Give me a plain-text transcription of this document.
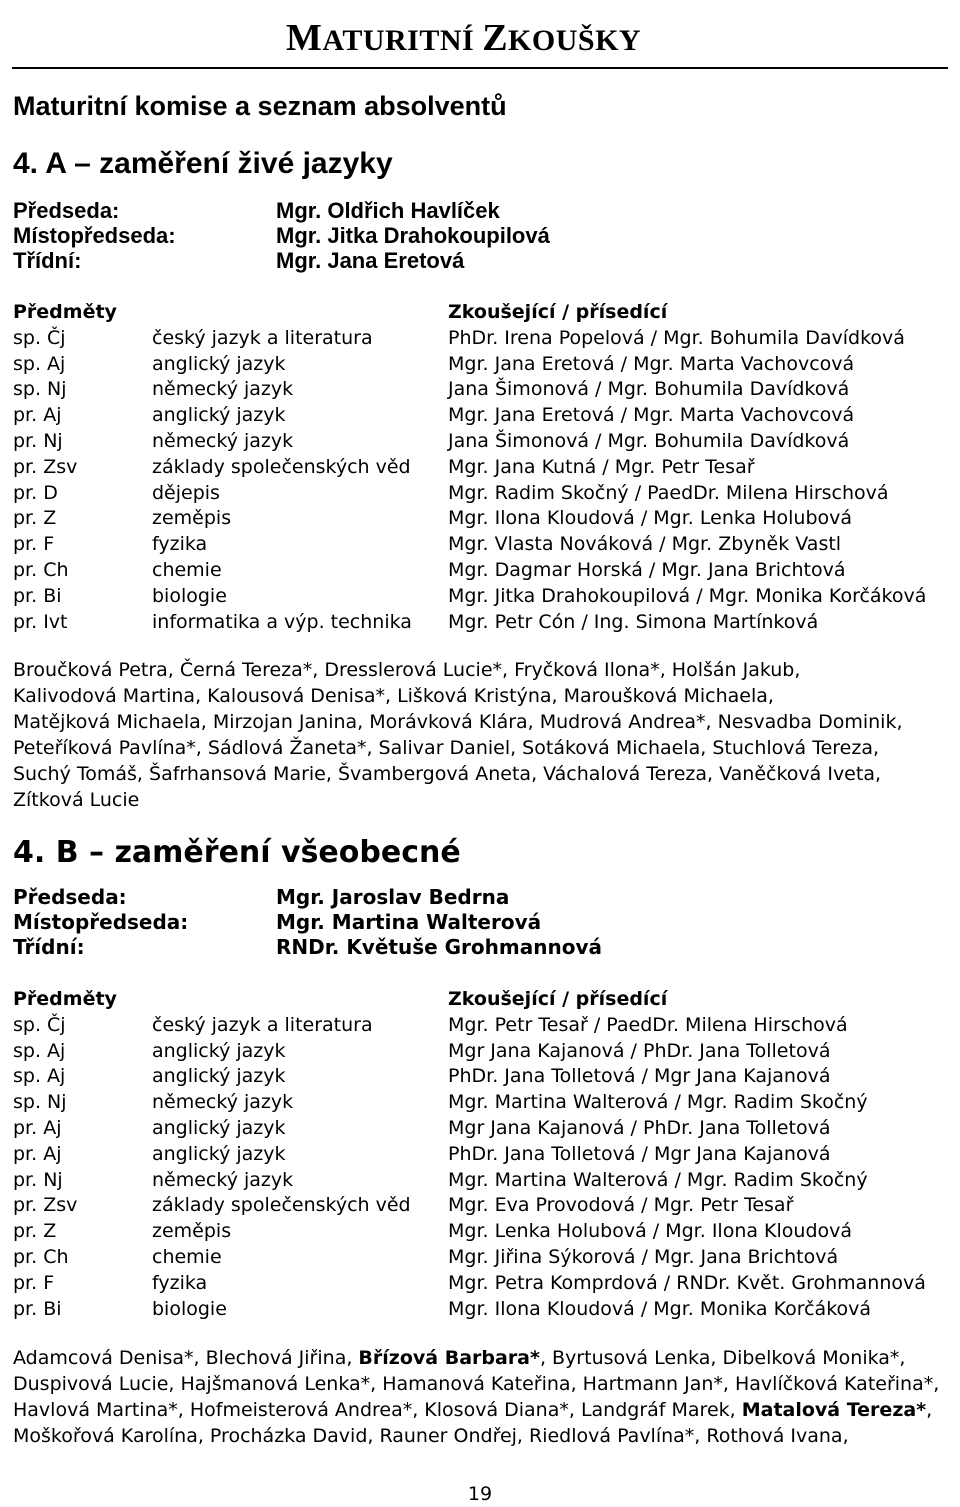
MATURITNÍ ZKOUŠKY
Maturitní komise a seznam absolventů
4. A – zaměření živé jazyky
Předseda:	Mgr. Oldřich Havlíček
Místopředseda:	Mgr. Jitka Drahokoupilová
Třídní:	Mgr. Jana Eretová
Předměty	Zkoušející / přísedící
sp. Čj	český jazyk a literatura	PhDr. Irena Popelová / Mgr. Bohumila Davídková
sp. Aj	anglický jazyk	Mgr. Jana Eretová / Mgr. Marta Vachovcová
sp. Nj	německý jazyk	Jana Šimonová / Mgr. Bohumila Davídková
pr. Aj	anglický jazyk	Mgr. Jana Eretová / Mgr. Marta Vachovcová
pr. Nj	německý jazyk	Jana Šimonová / Mgr. Bohumila Davídková
pr. Zsv	základy společenských věd Mgr. Jana Kutná / Mgr. Petr Tesař
pr. D	dějepis	Mgr. Radim Skočný / PaedDr. Milena Hirschová
pr. Z	zeměpis	Mgr. Ilona Kloudová / Mgr. Lenka Holubová
pr. F	fyzika	Mgr. Vlasta Nováková / Mgr. Zbyněk Vastl
pr. Ch	chemie	Mgr. Dagmar Horská / Mgr. Jana Brichtová
pr. Bi	biologie	Mgr. Jitka Drahokoupilová / Mgr. Monika Korčáková
pr. Ivt	informatika a výp. technika Mgr. Petr Cón / Ing. Simona Martínková
Broučková Petra, Černá Tereza*, Dresslerová Lucie*, Fryčková Ilona*, Holšán Jakub,
Kalivodová Martina, Kalousová Denisa*, Lišková Kristýna, Maroušková Michaela,
Matějková Michaela, Mirzojan Janina, Morávková Klára, Mudrová Andrea*, Nesvadba Dominik,
Peteříková Pavlína*, Sádlová Žaneta*, Salivar Daniel, Sotáková Michaela, Stuchlová Tereza,
Suchý Tomáš, Šafrhansová Marie, Švambergová Aneta, Váchalová Tereza, Vaněčková Iveta,
Zítková Lucie
4. B – zaměření všeobecné
Předseda:	Mgr. Jaroslav Bedrna
Místopředseda:	Mgr. Martina Walterová
Třídní:	RNDr. Květuše Grohmannová
Předměty	Zkoušející / přísedící
sp. Čj	český jazyk a literatura	Mgr. Petr Tesař / PaedDr. Milena Hirschová
sp. Aj	anglický jazyk	Mgr Jana Kajanová / PhDr. Jana Tolletová
sp. Aj	anglický jazyk	PhDr. Jana Tolletová / Mgr Jana Kajanová
sp. Nj	německý jazyk	Mgr. Martina Walterová / Mgr. Radim Skočný
pr. Aj	anglický jazyk	Mgr Jana Kajanová / PhDr. Jana Tolletová
pr. Aj	anglický jazyk	PhDr. Jana Tolletová / Mgr Jana Kajanová
pr. Nj	německý jazyk	Mgr. Martina Walterová / Mgr. Radim Skočný
pr. Zsv	základy společenských věd Mgr. Eva Provodová / Mgr. Petr Tesař
pr. Z	zeměpis	Mgr. Lenka Holubová / Mgr. Ilona Kloudová
pr. Ch	chemie	Mgr. Jiřina Sýkorová / Mgr. Jana Brichtová
pr. F	fyzika	Mgr. Petra Komprdová / RNDr. Květ. Grohmannová
pr. Bi	biologie	Mgr. Ilona Kloudová / Mgr. Monika Korčáková
Adamcová Denisa*, Blechová Jiřina, Břízová Barbara*, Byrtusová Lenka, Dibelková Monika*,
Duspivová Lucie, Hajšmanová Lenka*, Hamanová Kateřina, Hartmann Jan*, Havlíčková Kateřina*,
Havlová Martina*, Hofmeisterová Andrea*, Klosová Diana*, Landgráf Marek, Matalová Tereza*,
Moškořová Karolína, Procházka David, Rauner Ondřej, Riedlová Pavlína*, Rothová Ivana,
19
